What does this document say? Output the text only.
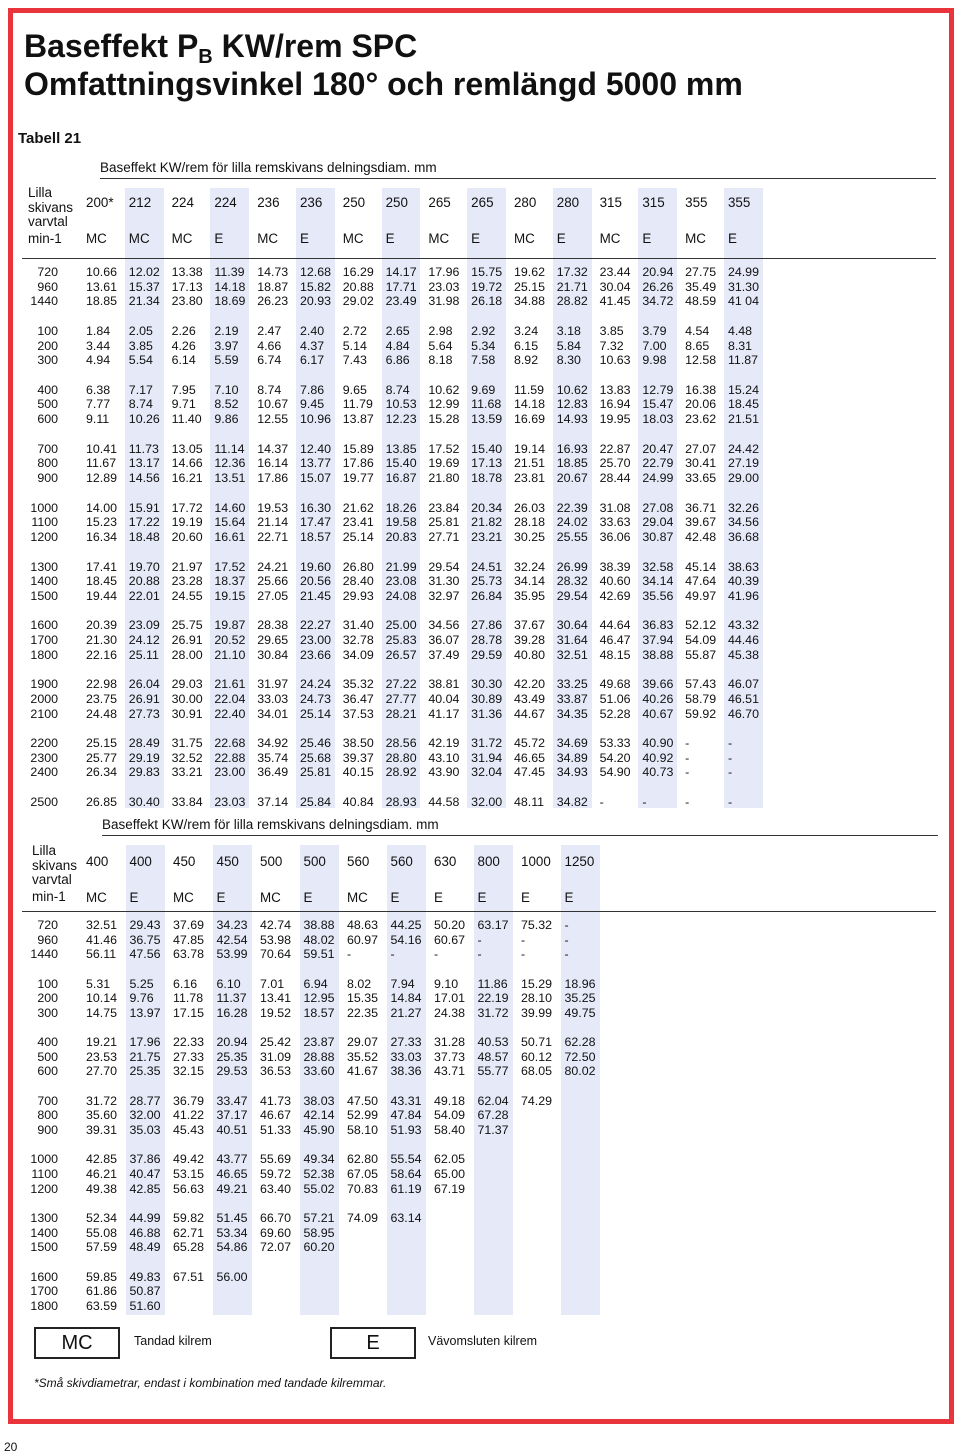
Baseffekt PB KW/rem SPC
Omfattningsvinkel 180° och remlängd 5000 mm
Tabell 21
Baseffekt KW/rem för lilla remskivans delningsdiam. mm
Lilla
skivans
varvtal
min-1
200*	212	224	224	236	236	250	250	265	265	280	280	315	315	355	355

MC	MC	MC	E	MC	E	MC	E	MC	E	MC	E	MC	E	MC	E
720 10.66	12.02	13.38	11.39	14.73	12.68	16.29	14.17	17.96	15.75	19.62	17.32	23.44	20.94	27.75	24.99
960 13.61	15.37	17.13	14.18	18.87	15.82	20.88	17.71	23.03	19.72	25.15	21.71	30.04	26.26	35.49	31.30
1440 18.85	21.34	23.80	18.69	26.23	20.93	29.02	23.49	31.98	26.18	34.88	28.82	41.45	34.72	48.59	41 04
100 1.84	2.05	2.26	2.19	2.47	2.40	2.72	2.65	2.98	2.92	3.24	3.18	3.85	3.79	4.54	4.48
200 3.44	3.85	4.26	3.97	4.66	4.37	5.14	4.84	5.64	5.34	6.15	5.84	7.32	7.00	8.65	8.31
300 4.94	5.54	6.14	5.59	6.74	6.17	7.43	6.86	8.18	7.58	8.92	8.30	10.63	9.98	12.58	11.87
400 6.38	7.17	7.95	7.10	8.74	7.86	9.65	8.74	10.62	9.69	11.59	10.62	13.83	12.79	16.38	15.24
500 7.77	8.74	9.71	8.52	10.67	9.45	11.79	10.53	12.99	11.68	14.18	12.83	16.94	15.47	20.06	18.45
600 9.11	10.26	11.40	9.86	12.55	10.96	13.87	12.23	15.28	13.59	16.69	14.93	19.95	18.03	23.62	21.51
700 10.41	11.73	13.05	11.14	14.37	12.40	15.89	13.85	17.52	15.40	19.14	16.93	22.87	20.47	27.07	24.42
800 11.67	13.17	14.66	12.36	16.14	13.77	17.86	15.40	19.69	17.13	21.51	18.85	25.70	22.79	30.41	27.19
900 12.89	14.56	16.21	13.51	17.86	15.07	19.77	16.87	21.80	18.78	23.81	20.67	28.44	24.99	33.65	29.00
1000 14.00	15.91	17.72	14.60	19.53	16.30	21.62	18.26	23.84	20.34	26.03	22.39	31.08	27.08	36.71	32.26
1100 15.23	17.22	19.19	15.64	21.14	17.47	23.41	19.58	25.81	21.82	28.18	24.02	33.63	29.04	39.67	34.56
1200 16.34	18.48	20.60	16.61	22.71	18.57	25.14	20.83	27.71	23.21	30.25	25.55	36.06	30.87	42.48	36.68
1300 17.41	19.70	21.97	17.52	24.21	19.60	26.80	21.99	29.54	24.51	32.24	26.99	38.39	32.58	45.14	38.63
1400 18.45	20.88	23.28	18.37	25.66	20.56	28.40	23.08	31.30	25.73	34.14	28.32	40.60	34.14	47.64	40.39
1500 19.44	22.01	24.55	19.15	27.05	21.45	29.93	24.08	32.97	26.84	35.95	29.54	42.69	35.56	49.97	41.96
1600 20.39	23.09	25.75	19.87	28.38	22.27	31.40	25.00	34.56	27.86	37.67	30.64	44.64	36.83	52.12	43.32
1700 21.30	24.12	26.91	20.52	29.65	23.00	32.78	25.83	36.07	28.78	39.28	31.64	46.47	37.94	54.09	44.46
1800 22.16	25.11	28.00	21.10	30.84	23.66	34.09	26.57	37.49	29.59	40.80	32.51	48.15	38.88	55.87	45.38
1900 22.98	26.04	29.03	21.61	31.97	24.24	35.32	27.22	38.81	30.30	42.20	33.25	49.68	39.66	57.43	46.07
2000 23.75	26.91	30.00	22.04	33.03	24.73	36.47	27.77	40.04	30.89	43.49	33.87	51.06	40.26	58.79	46.51
2100 24.48	27.73	30.91	22.40	34.01	25.14	37.53	28.21	41.17	31.36	44.67	34.35	52.28	40.67	59.92	46.70
2200 25.15	28.49	31.75	22.68	34.92	25.46	38.50	28.56	42.19	31.72	45.72	34.69	53.33	40.90	-	-
2300 25.77	29.19	32.52	22.88	35.74	25.68	39.37	28.80	43.10	31.94	46.65	34.89	54.20	40.92	-	-
2400 26.34	29.83	33.21	23.00	36.49	25.81	40.15	28.92	43.90	32.04	47.45	34.93	54.90	40.73	-	-
2500 26.85	30.40	33.84	23.03	37.14	25.84	40.84	28.93	44.58	32.00	48.11	34.82	-	-	-	-
Baseffekt KW/rem för lilla remskivans delningsdiam. mm
Lilla
skivans
varvtal
min-1
400	400	450	450	500	500	560	560	630	800	1000	1250

MC	E	MC	E	MC	E	MC	E	E	E	E	E
720 32.51	29.43	37.69	34.23	42.74	38.88	48.63	44.25	50.20	63.17	75.32	-
960 41.46	36.75	47.85	42.54	53.98	48.02	60.97	54.16	60.67	-	-	-
1440 56.11	47.56	63.78	53.99	70.64	59.51	-	-	-	-	-	-
100 5.31	5.25	6.16	6.10	7.01	6.94	8.02	7.94	9.10	11.86	15.29	18.96
200 10.14	9.76	11.78	11.37	13.41	12.95	15.35	14.84	17.01	22.19	28.10	35.25
300 14.75	13.97	17.15	16.28	19.52	18.57	22.35	21.27	24.38	31.72	39.99	49.75
400 19.21	17.96	22.33	20.94	25.42	23.87	29.07	27.33	31.28	40.53	50.71	62.28
500 23.53	21.75	27.33	25.35	31.09	28.88	35.52	33.03	37.73	48.57	60.12	72.50
600 27.70	25.35	32.15	29.53	36.53	33.60	41.67	38.36	43.71	55.77	68.05	80.02
700 31.72	28.77	36.79	33.47	41.73	38.03	47.50	43.31	49.18	62.04	74.29	
800 35.60	32.00	41.22	37.17	46.67	42.14	52.99	47.84	54.09	67.28		
900 39.31	35.03	45.43	40.51	51.33	45.90	58.10	51.93	58.40	71.37		
1000 42.85	37.86	49.42	43.77	55.69	49.34	62.80	55.54	62.05			
1100 46.21	40.47	53.15	46.65	59.72	52.38	67.05	58.64	65.00			
1200 49.38	42.85	56.63	49.21	63.40	55.02	70.83	61.19	67.19			
1300 52.34	44.99	59.82	51.45	66.70	57.21	74.09	63.14				
1400 55.08	46.88	62.71	53.34	69.60	58.95						
1500 57.59	48.49	65.28	54.86	72.07	60.20						
1600 59.85	49.83	67.51	56.00								
1700 61.86	50.87										
1800 63.59	51.60										
MC	Tandad kilrem	E	Vävomsluten kilrem
*Små skivdiametrar, endast i kombination med tandade kilremmar.
20
